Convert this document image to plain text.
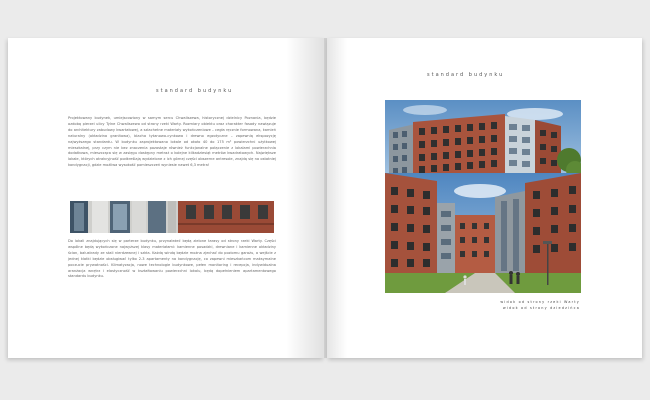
standard budynku
Projektowany budynek, umiejscowiony w samym sercu Chwaliszewa, historycznej dzielnicy Poznania, będzie ozdobą pierzei ulicy Tylne Chwaliszewo od strony rzeki Warty. Rozmiary obiektu oraz charakter fasady nawiązuje do architektury zabudowy kwartałowej, a szlachetne materiały wykończeniowe – cegła ręcznie formowana, kamień naturalny (okładzina granitowa), blacha tytanowo-cynkowa i drewno egzotyczne – zapewnią ekspozycję najwyższego standardu. W budynku zaprojektowano lokale od około 40 do 175 m² powierzchni użytkowej mieszkalnej, przy czym nie bez znaczenia pozostaje również funkcjonalne połączenie z lokalami powierzchnia dodatkowa, mieszcząca się w zasięgu dostępny metraż o kolejne kilkadziesiąt metrów kwadratowych. Największe lokale, których atrakcyjność podkreślają wydzielone z ich górnej części obszerne antresole, znajdą się na ostatniej kondygnacji, gdzie możliwa wysokość pomieszczeń wyniesie nawet 6,3 metra!
Do lokali znajdujących się w parterze budynku, przynależeć będą zielone tarasy od strony rzeki Warty. Części wspólne będą wykończone najwyższej klasy materiałami: kamienne posadzki, drewniane i kamienne okładziny ścian, balustrady ze stali nierdzewnej i szkła. Każdą windą będzie można zjechać do poziomu garażu, a wejście z jednej klatki będzie obsługiwać tylko 2-3 apartamenty na kondygnację, co zapewni mieszkańcom maksymalne poczucie prywatności. Klimatyzacja, nowe technologie budynkowe, pełen monitoring i recepcja, indywidualna aranżacja wnętrz i elastyczność w kształtowaniu powierzchni lokalu, będą dopełnieniem apartamentowego standardu budynku.
standard budynku
widok od strony rzeki Warty
widok od strony dziedzińca
